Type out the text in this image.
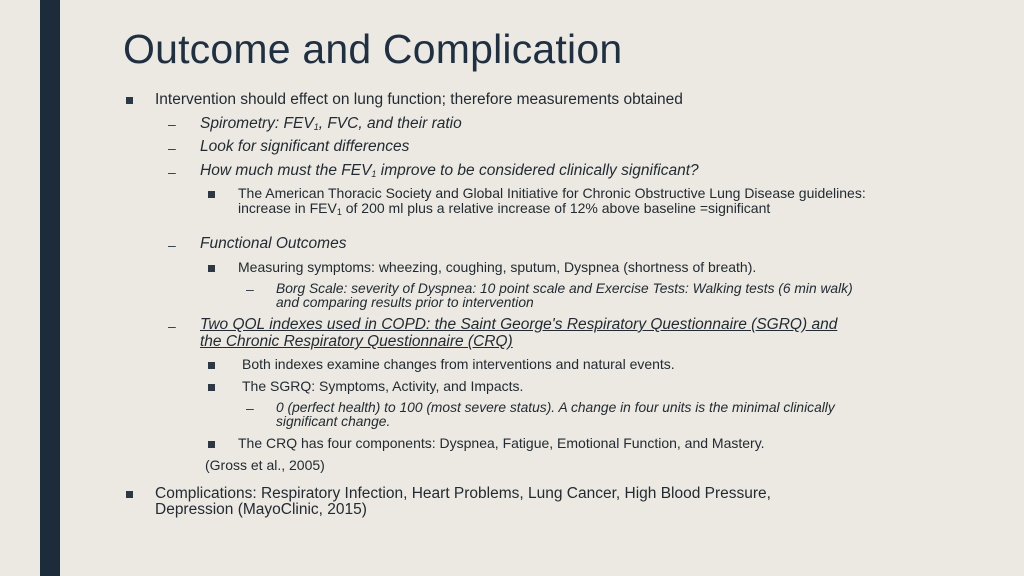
Outcome and Complication
Intervention should effect on lung function; therefore measurements obtained
– Spirometry: $FEV_1$, FVC, and their ratio
– Look for significant differences
– How much must the $FEV_1$ improve to be considered clinically significant?
The American Thoracic Society and Global Initiative for Chronic Obstructive Lung Disease guidelines:
increase in $FEV_1$ of 200 ml plus a relative increase of 12% above baseline =significant
– Functional Outcomes
Measuring symptoms: wheezing, coughing, sputum, Dyspnea (shortness of breath).
– Borg Scale: severity of Dyspnea: 10 point scale and Exercise Tests: Walking tests (6 min walk)
and comparing results prior to intervention
– Two QOL indexes used in COPD: the Saint George's Respiratory Questionnaire (SGRQ) and
the Chronic Respiratory Questionnaire (CRQ)
Both indexes examine changes from interventions and natural events.
The SGRQ: Symptoms, Activity, and Impacts.
– 0 (perfect health) to 100 (most severe status). A change in four units is the minimal clinically
significant change.
The CRQ has four components: Dyspnea, Fatigue, Emotional Function, and Mastery.
(Gross et al., 2005)
Complications: Respiratory Infection, Heart Problems, Lung Cancer, High Blood Pressure,
Depression (MayoClinic, 2015)
